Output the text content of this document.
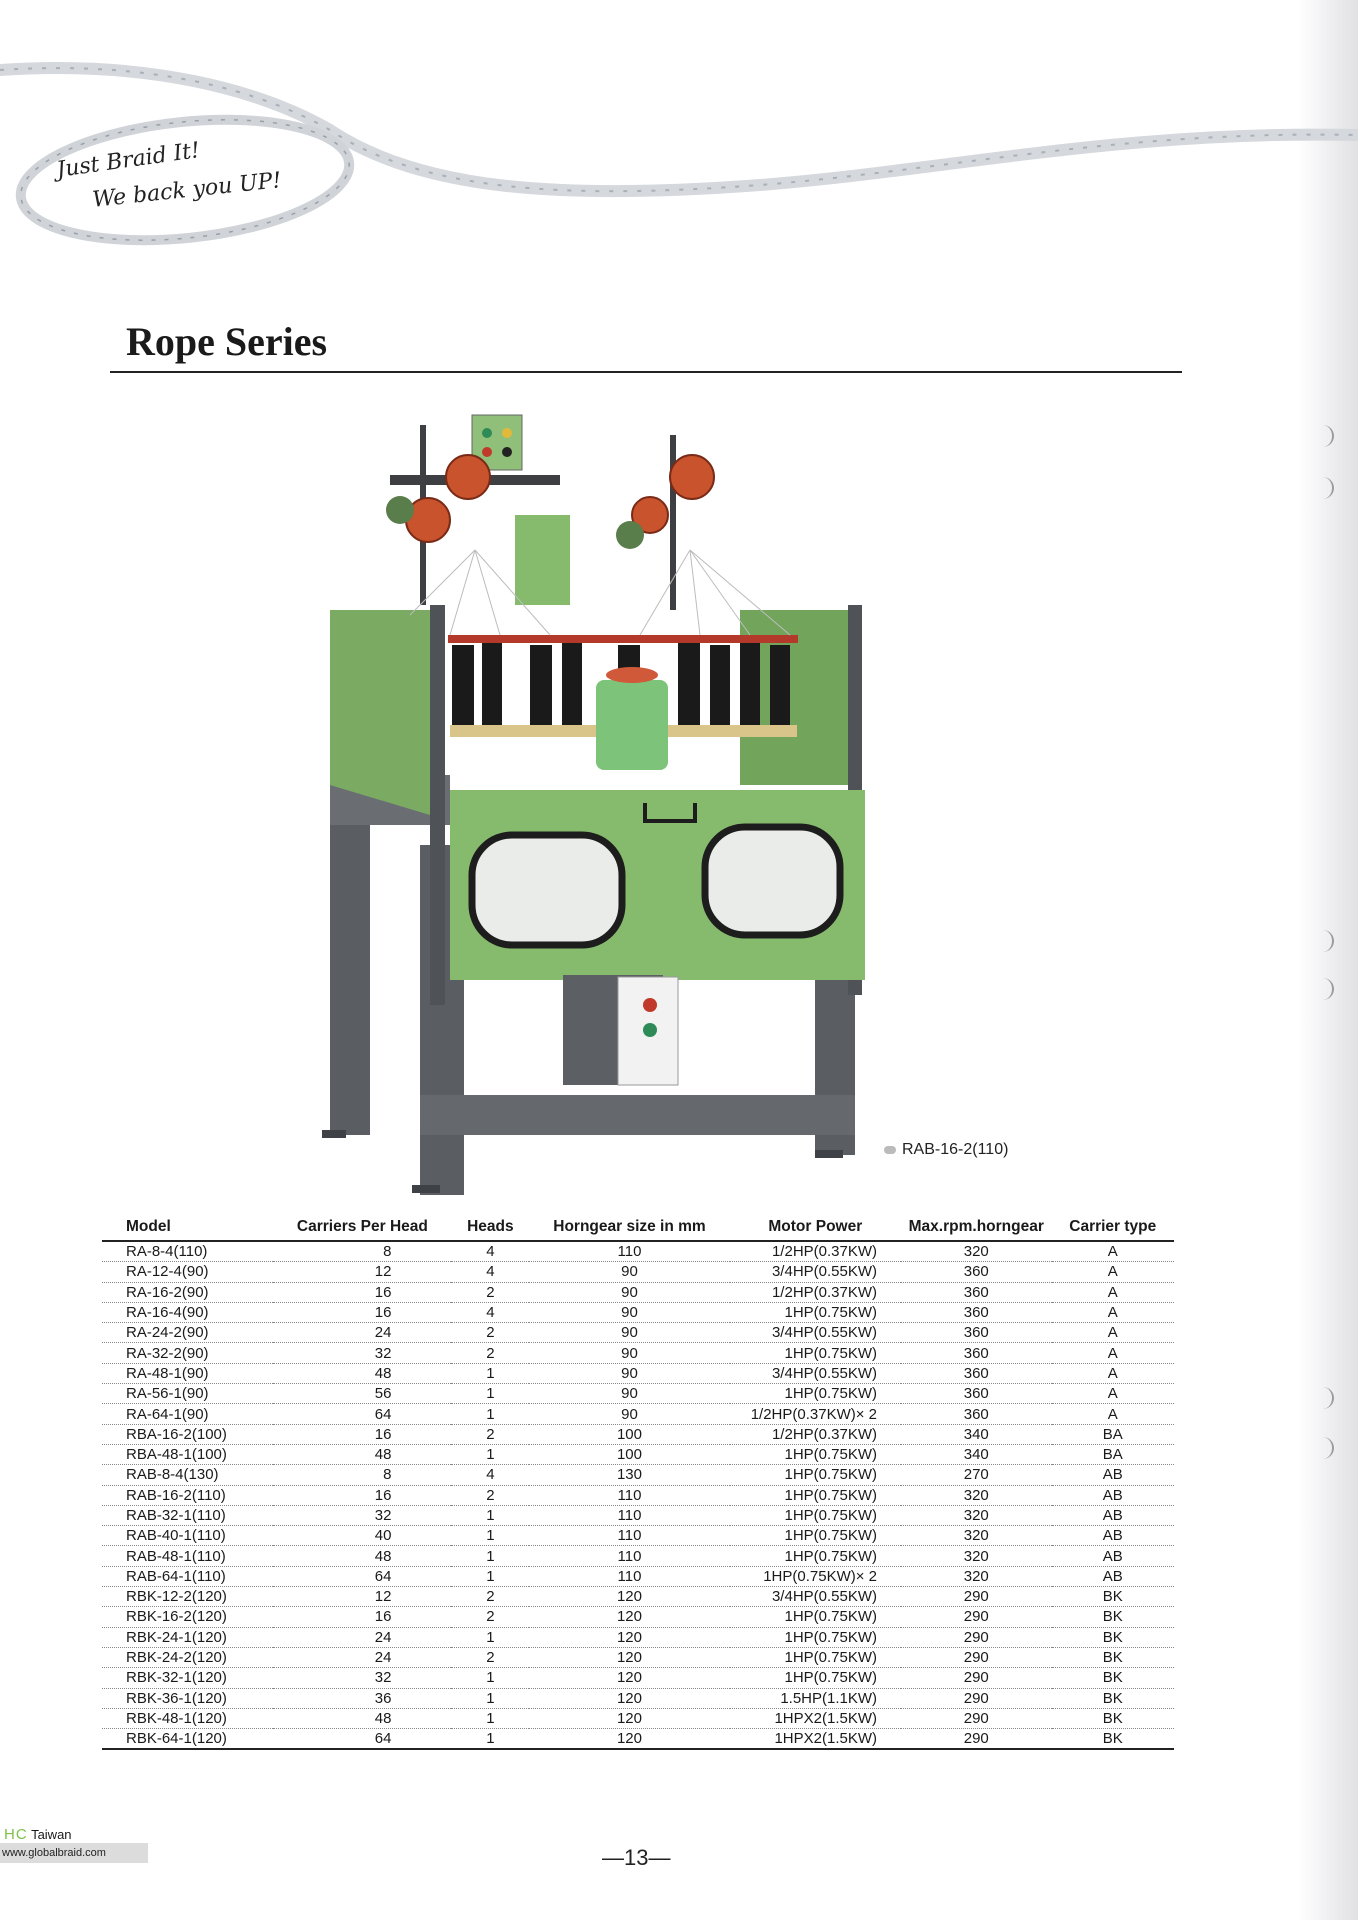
Just Braid It!
We back you UP!
Rope Series
RAB-16-2(110)
Model	Carriers Per Head	Heads	Horngear size in mm	Motor Power	Max.rpm.horngear	Carrier type
RA-8-4(110)	8	4	110	1/2HP(0.37KW)	320	A
RA-12-4(90)	12	4	90	3/4HP(0.55KW)	360	A
RA-16-2(90)	16	2	90	1/2HP(0.37KW)	360	A
RA-16-4(90)	16	4	90	1HP(0.75KW)	360	A
RA-24-2(90)	24	2	90	3/4HP(0.55KW)	360	A
RA-32-2(90)	32	2	90	1HP(0.75KW)	360	A
RA-48-1(90)	48	1	90	3/4HP(0.55KW)	360	A
RA-56-1(90)	56	1	90	1HP(0.75KW)	360	A
RA-64-1(90)	64	1	90	1/2HP(0.37KW)× 2	360	A
RBA-16-2(100)	16	2	100	1/2HP(0.37KW)	340	BA
RBA-48-1(100)	48	1	100	1HP(0.75KW)	340	BA
RAB-8-4(130)	8	4	130	1HP(0.75KW)	270	AB
RAB-16-2(110)	16	2	110	1HP(0.75KW)	320	AB
RAB-32-1(110)	32	1	110	1HP(0.75KW)	320	AB
RAB-40-1(110)	40	1	110	1HP(0.75KW)	320	AB
RAB-48-1(110)	48	1	110	1HP(0.75KW)	320	AB
RAB-64-1(110)	64	1	110	1HP(0.75KW)× 2	320	AB
RBK-12-2(120)	12	2	120	3/4HP(0.55KW)	290	BK
RBK-16-2(120)	16	2	120	1HP(0.75KW)	290	BK
RBK-24-1(120)	24	1	120	1HP(0.75KW)	290	BK
RBK-24-2(120)	24	2	120	1HP(0.75KW)	290	BK
RBK-32-1(120)	32	1	120	1HP(0.75KW)	290	BK
RBK-36-1(120)	36	1	120	1.5HP(1.1KW)	290	BK
RBK-48-1(120)	48	1	120	1HPX2(1.5KW)	290	BK
RBK-64-1(120)	64	1	120	1HPX2(1.5KW)	290	BK
HC Taiwan
www.globalbraid.com	—13—
